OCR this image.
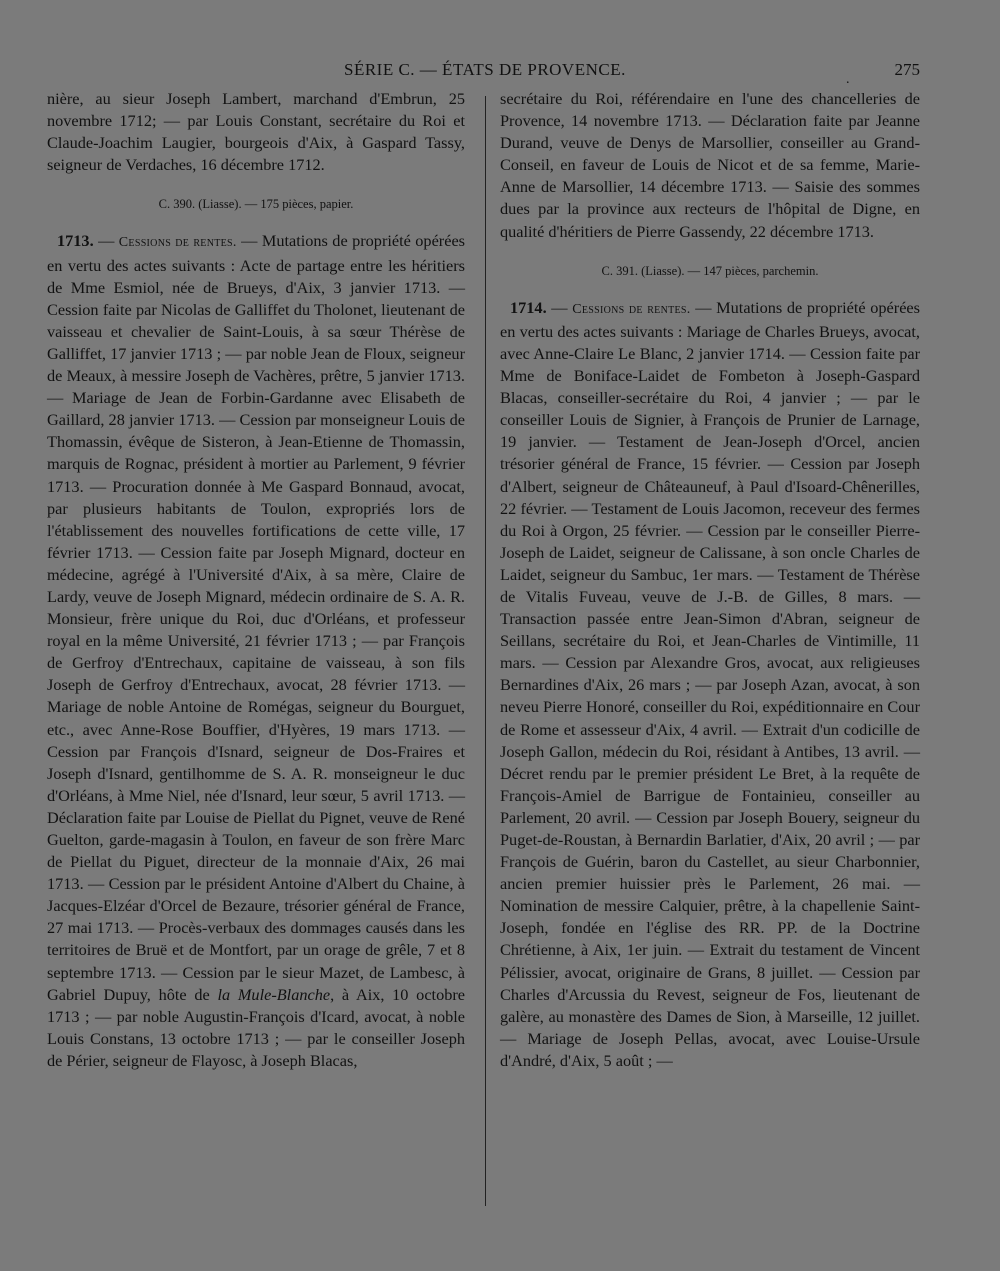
SÉRIE C. — ÉTATS DE PROVENCE.	275
.

nière, au sieur Joseph Lambert, marchand d'Embrun, 25 novembre 1712; — par Louis Constant, secrétaire du Roi et Claude-Joachim Laugier, bourgeois d'Aix, à Gaspard Tassy, seigneur de Verdaches, 16 décembre 1712.

C. 390. (Liasse). — 175 pièces, papier.

1713. — Cessions de rentes. — Mutations de propriété opérées en vertu des actes suivants : Acte de partage entre les héritiers de Mme Esmiol, née de Brueys, d'Aix, 3 janvier 1713. — Cession faite par Nicolas de Galliffet du Tholonet, lieutenant de vaisseau et chevalier de Saint-Louis, à sa sœur Thérèse de Galliffet, 17 janvier 1713 ; — par noble Jean de Floux, seigneur de Meaux, à messire Joseph de Vachères, prêtre, 5 janvier 1713. — Mariage de Jean de Forbin-Gardanne avec Elisabeth de Gaillard, 28 janvier 1713. — Cession par monseigneur Louis de Thomassin, évêque de Sisteron, à Jean-Etienne de Thomassin, marquis de Rognac, président à mortier au Parlement, 9 février 1713. — Procuration donnée à Me Gaspard Bonnaud, avocat, par plusieurs habitants de Toulon, expropriés lors de l'établissement des nouvelles fortifications de cette ville, 17 février 1713. — Cession faite par Joseph Mignard, docteur en médecine, agrégé à l'Université d'Aix, à sa mère, Claire de Lardy, veuve de Joseph Mignard, médecin ordinaire de S. A. R. Monsieur, frère unique du Roi, duc d'Orléans, et professeur royal en la même Université, 21 février 1713 ; — par François de Gerfroy d'Entrechaux, capitaine de vaisseau, à son fils Joseph de Gerfroy d'Entrechaux, avocat, 28 février 1713. — Mariage de noble Antoine de Romégas, seigneur du Bourguet, etc., avec Anne-Rose Bouffier, d'Hyères, 19 mars 1713. — Cession par François d'Isnard, seigneur de Dos-Fraires et Joseph d'Isnard, gentilhomme de S. A. R. monseigneur le duc d'Orléans, à Mme Niel, née d'Isnard, leur sœur, 5 avril 1713. — Déclaration faite par Louise de Piellat du Pignet, veuve de René Guelton, garde-magasin à Toulon, en faveur de son frère Marc de Piellat du Piguet, directeur de la monnaie d'Aix, 26 mai 1713. — Cession par le président Antoine d'Albert du Chaine, à Jacques-Elzéar d'Orcel de Bezaure, trésorier général de France, 27 mai 1713. — Procès-verbaux des dommages causés dans les territoires de Bruë et de Montfort, par un orage de grêle, 7 et 8 septembre 1713. — Cession par le sieur Mazet, de Lambesc, à Gabriel Dupuy, hôte de la Mule-Blanche, à Aix, 10 octobre 1713 ; — par noble Augustin-François d'Icard, avocat, à noble Louis Constans, 13 octobre 1713 ; — par le conseiller Joseph de Périer, seigneur de Flayosc, à Joseph Blacas,

secrétaire du Roi, référendaire en l'une des chancelleries de Provence, 14 novembre 1713. — Déclaration faite par Jeanne Durand, veuve de Denys de Marsollier, conseiller au Grand-Conseil, en faveur de Louis de Nicot et de sa femme, Marie-Anne de Marsollier, 14 décembre 1713. — Saisie des sommes dues par la province aux recteurs de l'hôpital de Digne, en qualité d'héritiers de Pierre Gassendy, 22 décembre 1713.

C. 391. (Liasse). — 147 pièces, parchemin.

1714. — Cessions de rentes. — Mutations de propriété opérées en vertu des actes suivants : Mariage de Charles Brueys, avocat, avec Anne-Claire Le Blanc, 2 janvier 1714. — Cession faite par Mme de Boniface-Laidet de Fombeton à Joseph-Gaspard Blacas, conseiller-secrétaire du Roi, 4 janvier ; — par le conseiller Louis de Signier, à François de Prunier de Larnage, 19 janvier. — Testament de Jean-Joseph d'Orcel, ancien trésorier général de France, 15 février. — Cession par Joseph d'Albert, seigneur de Châteauneuf, à Paul d'Isoard-Chênerilles, 22 février. — Testament de Louis Jacomon, receveur des fermes du Roi à Orgon, 25 février. — Cession par le conseiller Pierre-Joseph de Laidet, seigneur de Calissane, à son oncle Charles de Laidet, seigneur du Sambuc, 1er mars. — Testament de Thérèse de Vitalis Fuveau, veuve de J.-B. de Gilles, 8 mars. — Transaction passée entre Jean-Simon d'Abran, seigneur de Seillans, secrétaire du Roi, et Jean-Charles de Vintimille, 11 mars. — Cession par Alexandre Gros, avocat, aux religieuses Bernardines d'Aix, 26 mars ; — par Joseph Azan, avocat, à son neveu Pierre Honoré, conseiller du Roi, expéditionnaire en Cour de Rome et assesseur d'Aix, 4 avril. — Extrait d'un codicille de Joseph Gallon, médecin du Roi, résidant à Antibes, 13 avril. — Décret rendu par le premier président Le Bret, à la requête de François-Amiel de Barrigue de Fontainieu, conseiller au Parlement, 20 avril. — Cession par Joseph Bouery, seigneur du Puget-de-Roustan, à Bernardin Barlatier, d'Aix, 20 avril ; — par François de Guérin, baron du Castellet, au sieur Charbonnier, ancien premier huissier près le Parlement, 26 mai. — Nomination de messire Calquier, prêtre, à la chapellenie Saint-Joseph, fondée en l'église des RR. PP. de la Doctrine Chrétienne, à Aix, 1er juin. — Extrait du testament de Vincent Pélissier, avocat, originaire de Grans, 8 juillet. — Cession par Charles d'Arcussia du Revest, seigneur de Fos, lieutenant de galère, au monastère des Dames de Sion, à Marseille, 12 juillet. — Mariage de Joseph Pellas, avocat, avec Louise-Ursule d'André, d'Aix, 5 août ; —
